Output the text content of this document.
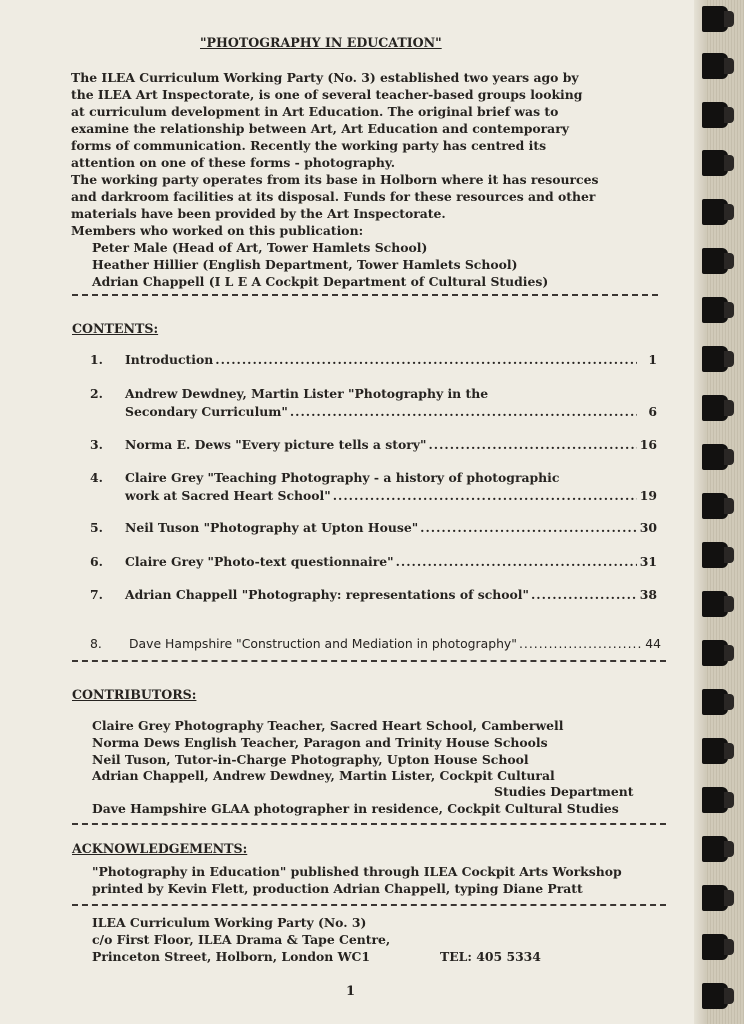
"PHOTOGRAPHY IN EDUCATION"
The ILEA Curriculum Working Party (No. 3) established two years ago by
the ILEA Art Inspectorate, is one of several teacher-based groups looking
at curriculum development in Art Education. The original brief was to
examine the relationship between Art, Art Education and contemporary
forms of communication. Recently the working party has centred its
attention on one of these forms - photography.
The working party operates from its base in Holborn where it has resources
and darkroom facilities at its disposal. Funds for these resources and other
materials have been provided by the Art Inspectorate.
Members who worked on this publication:
Peter Male (Head of Art, Tower Hamlets School)
Heather Hillier (English Department, Tower Hamlets School)
Adrian Chappell (I L E A Cockpit Department of Cultural Studies)
CONTENTS:
1. Introduction .....	1
2. Andrew Dewdney, Martin Lister "Photography in the
Secondary Curriculum" .....	6
3. Norma E. Dews "Every picture tells a story" .....	16
4. Claire Grey "Teaching Photography - a history of photographic
work at Sacred Heart School" .....	19
5. Neil Tuson "Photography at Upton House" .....	30
6. Claire Grey "Photo-text questionnaire" .....	31
7. Adrian Chappell "Photography: representations of school" .....	38
8. Dave Hampshire "Construction and Mediation in photography" .....	44
CONTRIBUTORS:
Claire Grey Photography Teacher, Sacred Heart School, Camberwell
Norma Dews English Teacher, Paragon and Trinity House Schools
Neil Tuson, Tutor-in-Charge Photography, Upton House School
Adrian Chappell, Andrew Dewdney, Martin Lister, Cockpit Cultural
Studies Department
Dave Hampshire GLAA photographer in residence, Cockpit Cultural Studies
ACKNOWLEDGEMENTS:
"Photography in Education" published through ILEA Cockpit Arts Workshop
printed by Kevin Flett, production Adrian Chappell, typing Diane Pratt
ILEA Curriculum Working Party (No. 3)
c/o First Floor, ILEA Drama & Tape Centre,
Princeton Street, Holborn, London WC1	TEL: 405 5334
1
